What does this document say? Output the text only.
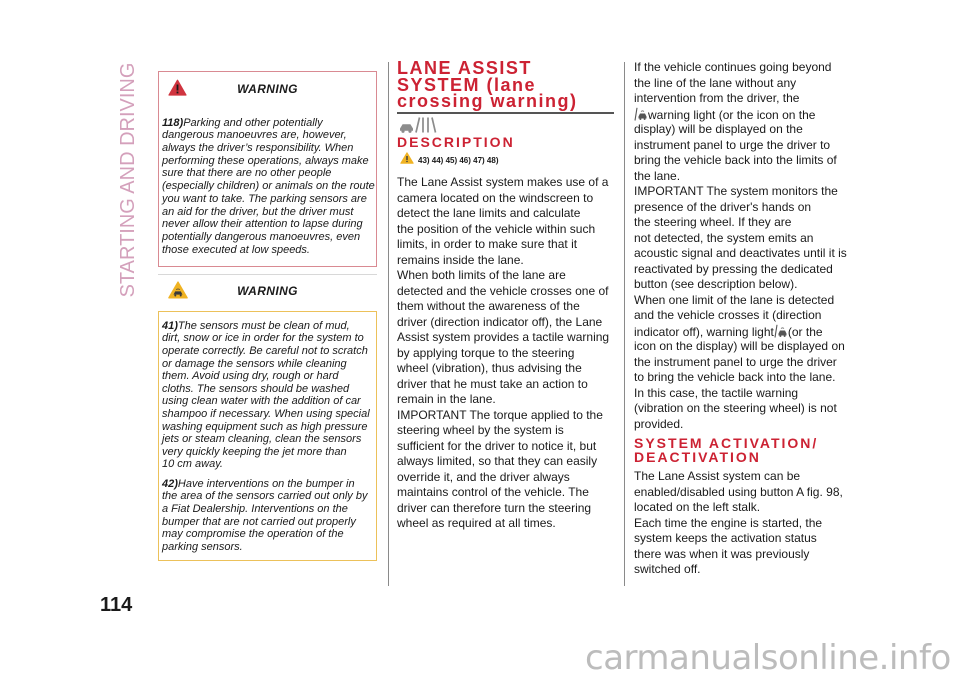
STARTING AND DRIVING
114
carmanualsonline.info
WARNING
WARNING
LANE ASSIST
SYSTEM (lane
crossing warning)
DESCRIPTION
43) 44) 45) 46) 47) 48)
SYSTEM ACTIVATION/
DEACTIVATION
118)Parking and other potentially
dangerous manoeuvres are, however,
always the driver’s responsibility. When
performing these operations, always make
sure that there are no other people
(especially children) or animals on the route
you want to take. The parking sensors are
an aid for the driver, but the driver must
never allow their attention to lapse during
potentially dangerous manoeuvres, even
those executed at low speeds.
41)The sensors must be clean of mud,
dirt, snow or ice in order for the system to
operate correctly. Be careful not to scratch
or damage the sensors while cleaning
them. Avoid using dry, rough or hard
cloths. The sensors should be washed
using clean water with the addition of car
shampoo if necessary. When using special
washing equipment such as high pressure
jets or steam cleaning, clean the sensors
very quickly keeping the jet more than
10 cm away.
42)Have interventions on the bumper in
the area of the sensors carried out only by
a Fiat Dealership. Interventions on the
bumper that are not carried out properly
may compromise the operation of the
parking sensors.
The Lane Assist system makes use of a
camera located on the windscreen to
detect the lane limits and calculate
the position of the vehicle within such
limits, in order to make sure that it
remains inside the lane.
When both limits of the lane are
detected and the vehicle crosses one of
them without the awareness of the
driver (direction indicator off), the Lane
Assist system provides a tactile warning
by applying torque to the steering
wheel (vibration), thus advising the
driver that he must take an action to
remain in the lane.
IMPORTANT The torque applied to the
steering wheel by the system is
sufficient for the driver to notice it, but
always limited, so that they can easily
override it, and the driver always
maintains control of the vehicle. The
driver can therefore turn the steering
wheel as required at all times.
If the vehicle continues going beyond
the line of the lane without any
intervention from the driver, the
warning light (or the icon on the
display) will be displayed on the
instrument panel to urge the driver to
bring the vehicle back into the limits of
the lane.
IMPORTANT The system monitors the
presence of the driver's hands on
the steering wheel. If they are
not detected, the system emits an
acoustic signal and deactivates until it is
reactivated by pressing the dedicated
button (see description below).
When one limit of the lane is detected
and the vehicle crosses it (direction
indicator off), warning light (or the
icon on the display) will be displayed on
the instrument panel to urge the driver
to bring the vehicle back into the lane.
In this case, the tactile warning
(vibration on the steering wheel) is not
provided.
The Lane Assist system can be
enabled/disabled using button A fig. 98,
located on the left stalk.
Each time the engine is started, the
system keeps the activation status
there was when it was previously
switched off.
